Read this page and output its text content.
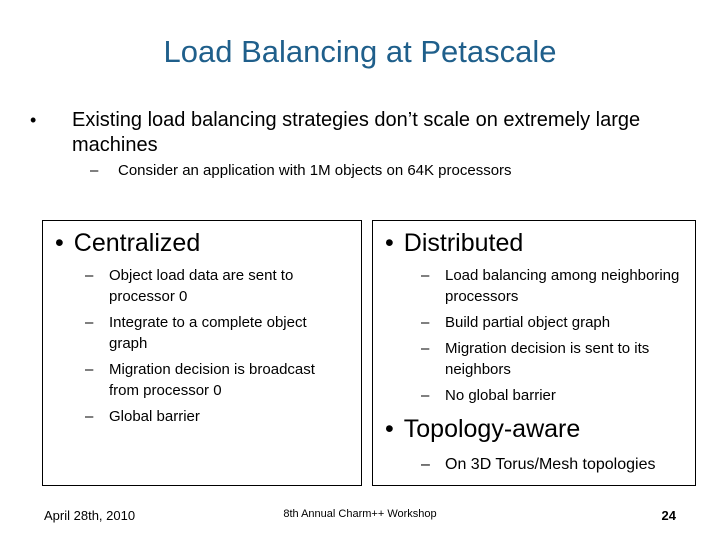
Load Balancing at Petascale
•	Existing load balancing strategies don’t scale on extremely large machines
– Consider an application with 1M objects on 64K processors
• Centralized
– Object load data are sent to processor 0
– Integrate to a complete object graph
– Migration decision is broadcast from processor 0
– Global barrier
• Distributed
– Load balancing among neighboring processors
– Build partial object graph
– Migration decision is sent to its neighbors
– No global barrier
• Topology-aware
– On 3D Torus/Mesh topologies
April 28th, 2010	8th Annual Charm++ Workshop	24
